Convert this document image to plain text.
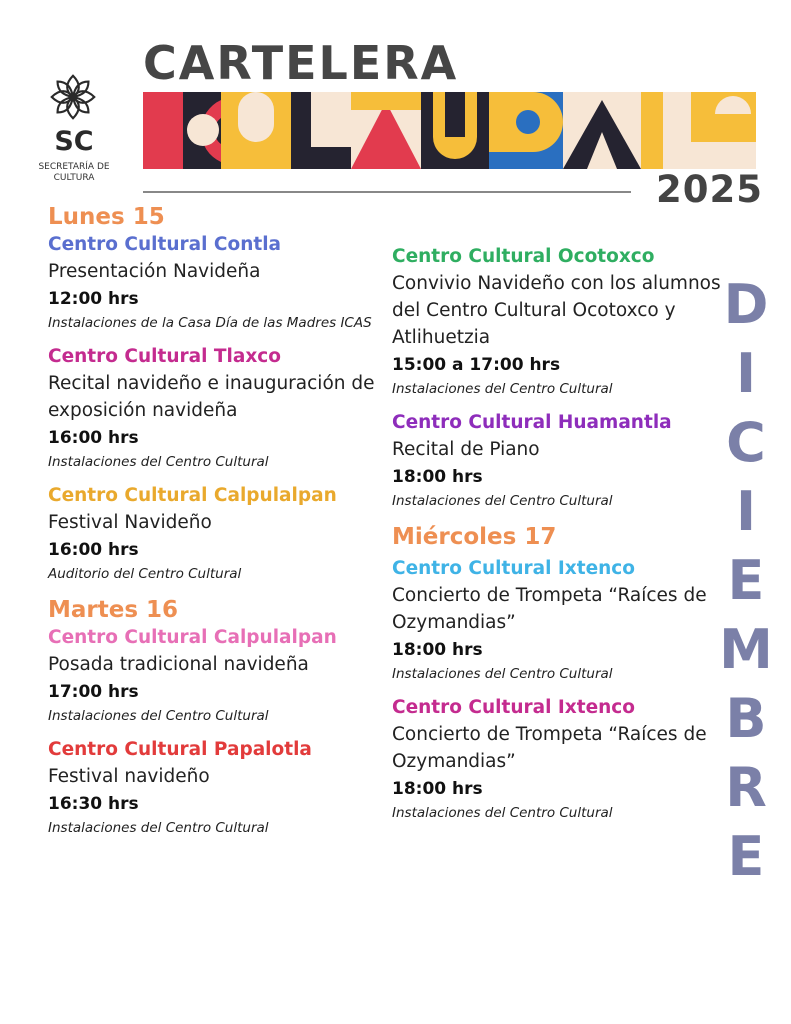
SC
SECRETARÍA DE CULTURA
CARTELERA
2025
Lunes 15
Centro Cultural Contla
Presentación Navideña
12:00 hrs
Instalaciones de la Casa Día de las Madres ICAS
Centro Cultural Tlaxco
Recital navideño e inauguración de exposición navideña
16:00 hrs
Instalaciones del Centro Cultural
Centro Cultural Calpulalpan
Festival Navideño
16:00 hrs
Auditorio del Centro Cultural
Martes 16
Centro Cultural Calpulalpan
Posada tradicional navideña
17:00 hrs
Instalaciones del Centro Cultural
Centro Cultural Papalotla
Festival navideño
16:30 hrs
Instalaciones del Centro Cultural
Centro Cultural Ocotoxco
Convivio Navideño con los alumnos del Centro Cultural Ocotoxco y Atlihuetzia
15:00 a 17:00 hrs
Instalaciones del Centro Cultural
Centro Cultural Huamantla
Recital de Piano
18:00 hrs
Instalaciones del Centro Cultural
Miércoles 17
Centro Cultural Ixtenco
Concierto de Trompeta “Raíces de Ozymandias”
18:00 hrs
Instalaciones del Centro Cultural
Centro Cultural Ixtenco
Concierto de Trompeta “Raíces de Ozymandias”
18:00 hrs
Instalaciones del Centro Cultural
D
I
C
I
E
M
B
R
E
